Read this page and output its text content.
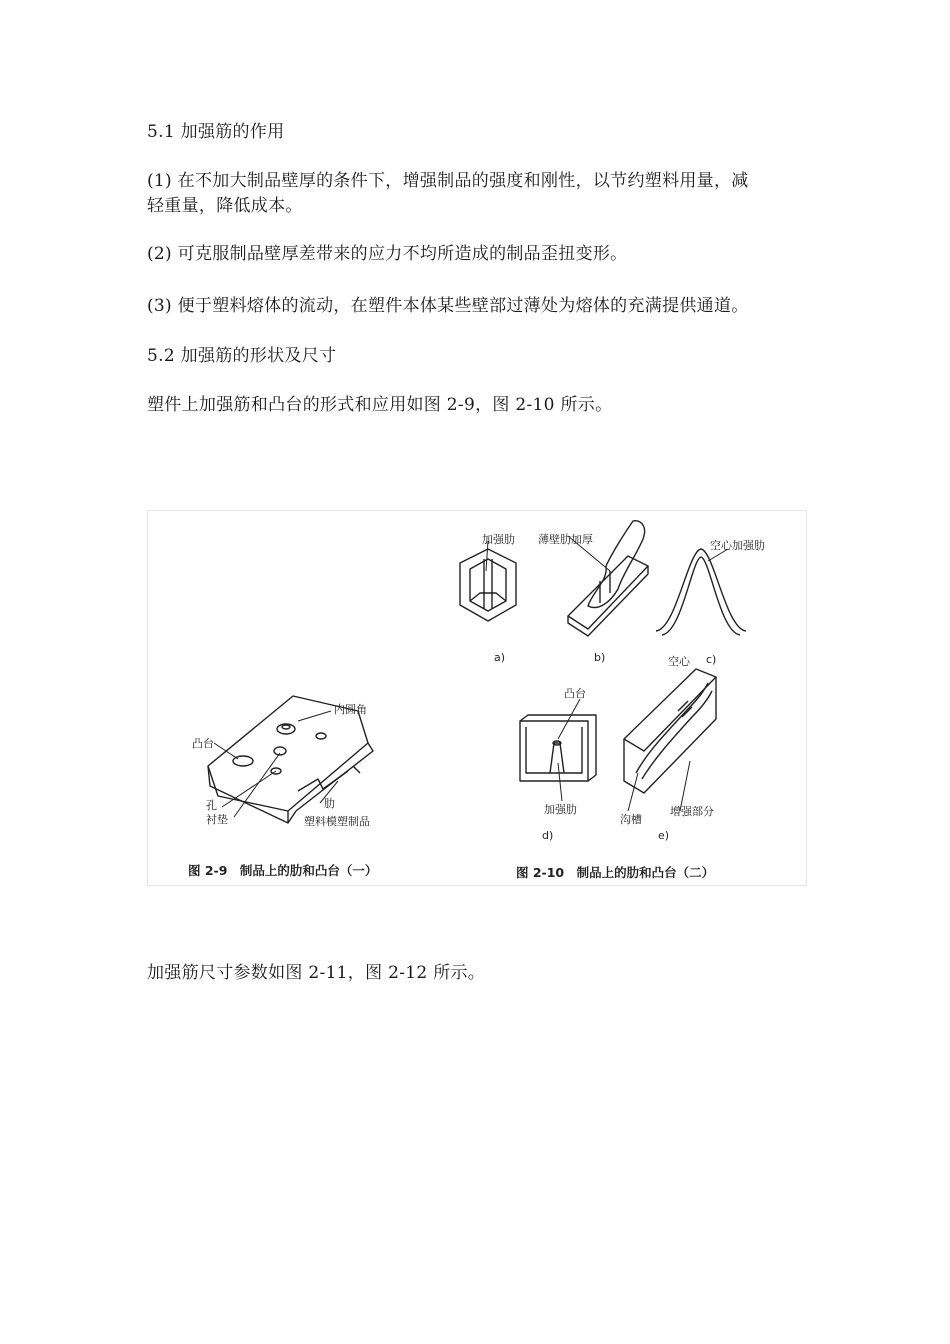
5.1 加强筋的作用
(1) 在不加大制品壁厚的条件下，增强制品的强度和刚性，以节约塑料用量，减
轻重量，降低成本。
(2) 可克服制品壁厚差带来的应力不均所造成的制品歪扭变形。
(3) 便于塑料熔体的流动，在塑件本体某些壁部过薄处为熔体的充满提供通道。
5.2 加强筋的形状及尺寸
塑件上加强筋和凸台的形式和应用如图 2-9，图 2-10 所示。
内圆角
凸台
孔
衬垫
肋
塑料模塑制品
图 2-9　制品上的肋和凸台（一）
加强肋 薄壁肋加厚	空心加强肋
空心
a)	b)	c)
凸台
加强肋
d)
沟槽
增强部分
e)
图 2-10　制品上的肋和凸台（二）
加强筋尺寸参数如图 2-11，图 2-12 所示。
